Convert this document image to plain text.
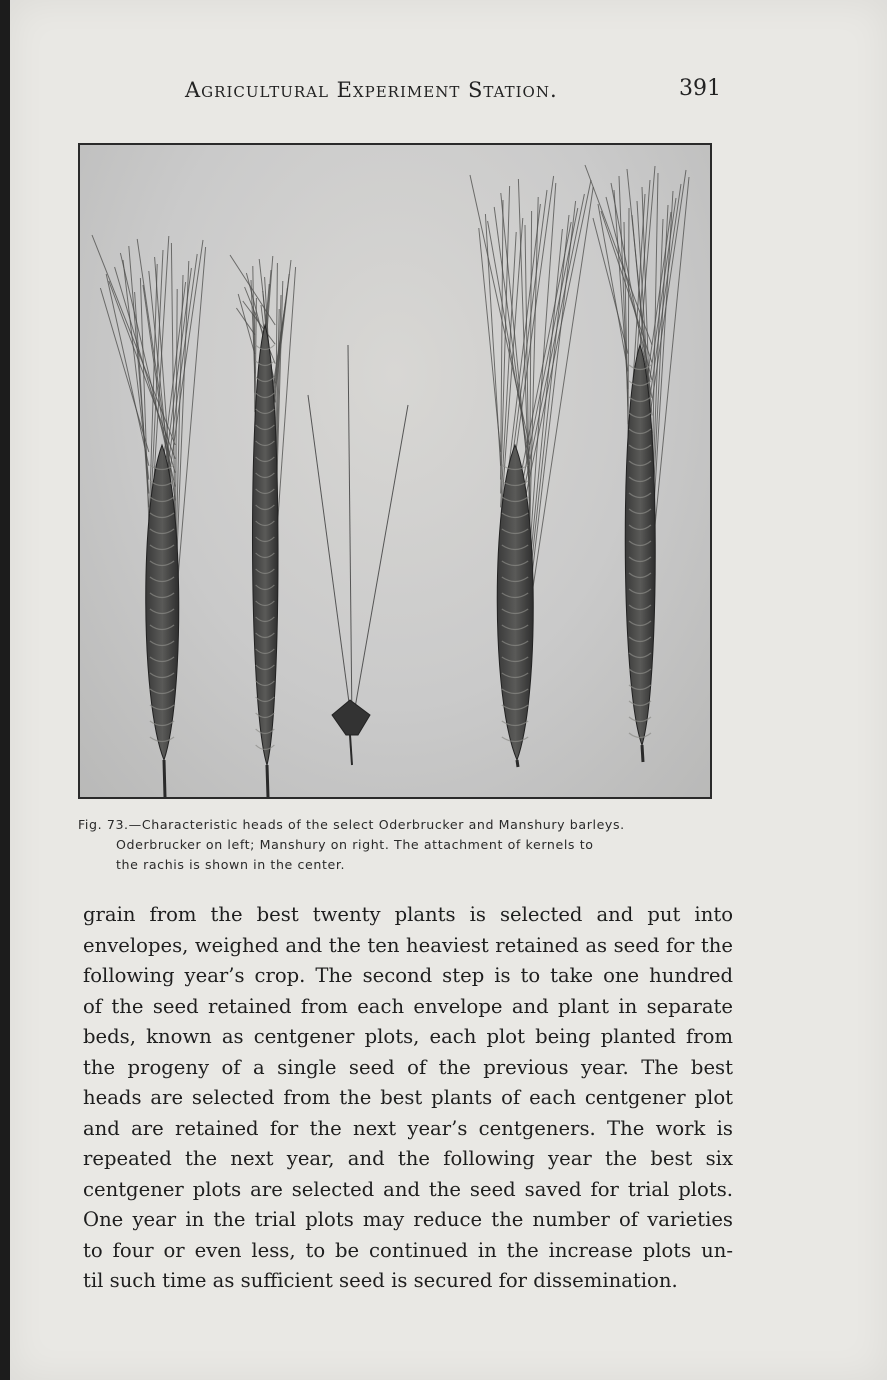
Agricultural Experiment Station.	391
Fig. 73.—Characteristic heads of the select Oderbrucker and Manshury barleys.
Oderbrucker on left; Manshury on right. The attachment of kernels to
the rachis is shown in the center.
grain from the best twenty plants is selected and put into
envelopes, weighed and the ten heaviest retained as seed for the
following year’s crop. The second step is to take one hundred
of the seed retained from each envelope and plant in separate
beds, known as centgener plots, each plot being planted from
the progeny of a single seed of the previous year. The best
heads are selected from the best plants of each centgener plot
and are retained for the next year’s centgeners. The work is
repeated the next year, and the following year the best six
centgener plots are selected and the seed saved for trial plots.
One year in the trial plots may reduce the number of varieties
to four or even less, to be continued in the increase plots un-
til such time as sufficient seed is secured for dissemination.
